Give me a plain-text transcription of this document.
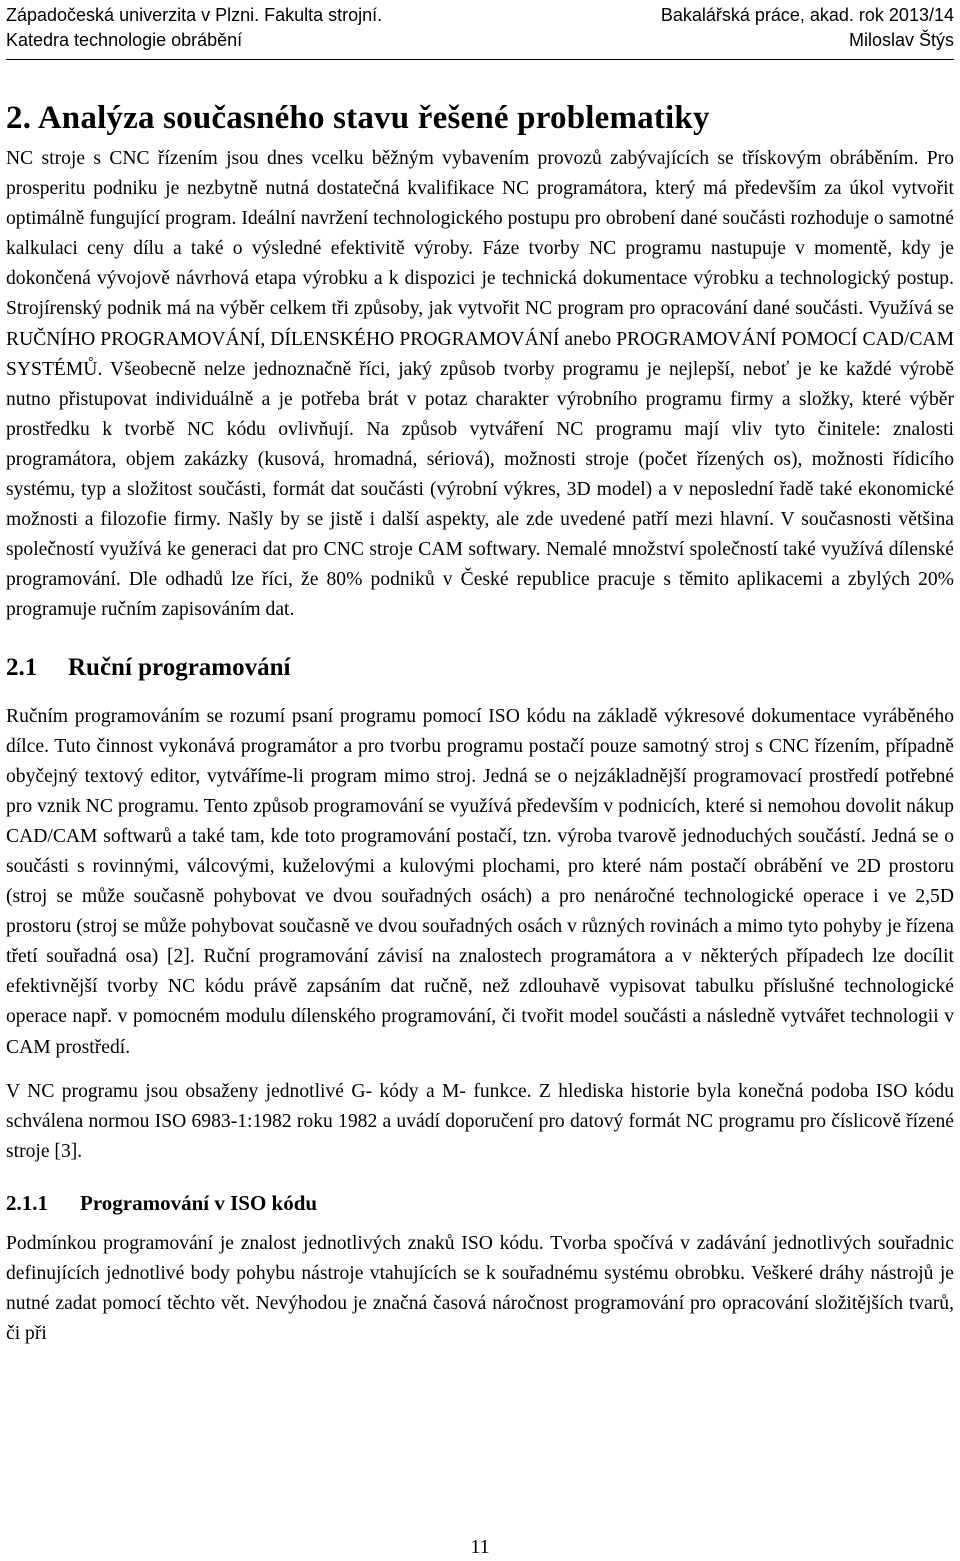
Západočeská univerzita v Plzni. Fakulta strojní.	Bakalářská práce, akad. rok 2013/14
Katedra technologie obrábění	Miloslav Štýs
2. Analýza současného stavu řešené problematiky

NC stroje s CNC řízením jsou dnes vcelku běžným vybavením provozů zabývajících se třískovým obráběním. Pro prosperitu podniku je nezbytně nutná dostatečná kvalifikace NC programátora, který má především za úkol vytvořit optimálně fungující program. Ideální navržení technologického postupu pro obrobení dané součásti rozhoduje o samotné kalkulaci ceny dílu a také o výsledné efektivitě výroby. Fáze tvorby NC programu nastupuje v momentě, kdy je dokončená vývojově návrhová etapa výrobku a k dispozici je technická dokumentace výrobku a technologický postup. Strojírenský podnik má na výběr celkem tři způsoby, jak vytvořit NC program pro opracování dané součásti. Využívá se RUČNÍHO PROGRAMOVÁNÍ, DÍLENSKÉHO PROGRAMOVÁNÍ anebo PROGRAMOVÁNÍ POMOCÍ CAD/CAM SYSTÉMŮ. Všeobecně nelze jednoznačně říci, jaký způsob tvorby programu je nejlepší, neboť je ke každé výrobě nutno přistupovat individuálně a je potřeba brát v potaz charakter výrobního programu firmy a složky, které výběr prostředku k tvorbě NC kódu ovlivňují. Na způsob vytváření NC programu mají vliv tyto činitele: znalosti programátora, objem zakázky (kusová, hromadná, sériová), možnosti stroje (počet řízených os), možnosti řídicího systému, typ a složitost součásti, formát dat součásti (výrobní výkres, 3D model) a v neposlední řadě také ekonomické možnosti a filozofie firmy. Našly by se jistě i další aspekty, ale zde uvedené patří mezi hlavní. V současnosti většina společností využívá ke generaci dat pro CNC stroje CAM softwary. Nemalé množství společností také využívá dílenské programování. Dle odhadů lze říci, že 80% podniků v České republice pracuje s těmito aplikacemi a zbylých 20% programuje ručním zapisováním dat.

2.1	Ruční programování

Ručním programováním se rozumí psaní programu pomocí ISO kódu na základě výkresové dokumentace vyráběného dílce. Tuto činnost vykonává programátor a pro tvorbu programu postačí pouze samotný stroj s CNC řízením, případně obyčejný textový editor, vytváříme-li program mimo stroj. Jedná se o nejzákladnější programovací prostředí potřebné pro vznik NC programu. Tento způsob programování se využívá především v podnicích, které si nemohou dovolit nákup CAD/CAM softwarů a také tam, kde toto programování postačí, tzn. výroba tvarově jednoduchých součástí. Jedná se o součásti s rovinnými, válcovými, kuželovými a kulovými plochami, pro které nám postačí obrábění ve 2D prostoru (stroj se může současně pohybovat ve dvou souřadných osách) a pro nenáročné technologické operace i ve 2,5D prostoru (stroj se může pohybovat současně ve dvou souřadných osách v různých rovinách a mimo tyto pohyby je řízena třetí souřadná osa) [2]. Ruční programování závisí na znalostech programátora a v některých případech lze docílit efektivnější tvorby NC kódu právě zapsáním dat ručně, než zdlouhavě vypisovat tabulku příslušné technologické operace např. v pomocném modulu dílenského programování, či tvořit model součásti a následně vytvářet technologii v CAM prostředí.

V NC programu jsou obsaženy jednotlivé G- kódy a M- funkce. Z hlediska historie byla konečná podoba ISO kódu schválena normou ISO 6983-1:1982 roku 1982 a uvádí doporučení pro datový formát NC programu pro číslicově řízené stroje [3].

2.1.1	Programování v ISO kódu

Podmínkou programování je znalost jednotlivých znaků ISO kódu. Tvorba spočívá v zadávání jednotlivých souřadnic definujících jednotlivé body pohybu nástroje vtahujících se k souřadnému systému obrobku. Veškeré dráhy nástrojů je nutné zadat pomocí těchto vět. Nevýhodou je značná časová náročnost programování pro opracování složitějších tvarů, či při

11
